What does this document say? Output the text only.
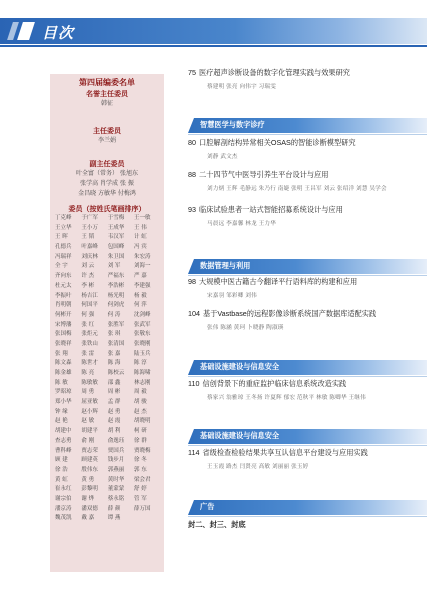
目次
第四届编委名单
名誉主任委员
韩征
主任委员
李兰娟
副主任委员
叶全富（常务） 张旭东
张学高 肖学成 张 振
金昌晓 方敏华 付梅鸿
委员（按姓氏笔画排序）
丁克峰	于广军	于雪梅	王一敏
王立华	王小万	王成华	王 伟
王 晖	王 韬	韦汉军	计 虹
孔德兵	叶嘉峰	包国峰	冯 宾
冯瑞祥	刘庆林	朱卫国	朱宏涛
全 宇	刘 云	刘 军	刘海一
齐向东	许 杰	严福东	严 嘉
杜元太	李 彬	李浩彬	李建强
李振叶	杨吉江	杨光明	杨 毅
肖明朝	何国平	何剑虎	何 萍
何彬开	何 强	何 涛	沈剑峰
宋博藩	张 红	张胜军	张武军
张国梅	张炬元	张 琪	张敬东
张晓祥	张铁山	张清国	张晓刚
张 翔	张 雷	张 嘉	陆玉兵
陈文森	陈世才	陈 海	陈 淳
陈金雄	陈 亮	陈校云	陈海啸
陈 敏	陈敏敏	邵 鑫	林志刚
罗昭琼	周 勇	周 彬	周 毅
郑小华	屈亚敏	孟 群	胡 骏
钟 缘	赵小辉	赵 勇	赵 杰
赵 艳	赵 敏	赵 霞	胡晓明
胡建中	胡建平	胡 利	柯 研
查志勇	俞 刚	俞逸珏	徐 群
曹科峰	贾志荣	贾国兵	贾晓梅
顾 建	顾建英	钱步月	徐 冬
徐 浩	殷伟东	郭燕丽	郭 东
黄 虹	黄 勇	黄时华	梁会君
崔永红	彭黎明	董蒙蒙	舒 婷
谢宗伯	谢 烨	蔡永铭	管 军
潘京涛	潘双德	薛 颜	薛万国
魏茂凯	戴 嘉	谭 燕
75 医疗超声诊断设备的数字化管理实践与效果研究
蔡建明 张亮 向伟宇 习瑞雯
智慧医学与数字诊疗
80 口腔解剖结构异常相关OSAS的智能诊断模型研究
刘静 武文杰
88 二十四节气中医导引养生平台设计与应用
刘力炳 王辉 毛静远 朱乃行 南婕 张明 王昌军 刘云 张绍洋 刘慧 吴学会
93 临床试验患者一站式智能招募系统设计与应用
马晨远 李嘉馨 林龙 王力华
数据管理与利用
98 大规模中医古籍古今翻译平行语料库的构建和应用
宋嘉羽 邹彩卿 刘伟
104 基于Vastbase的远程影像诊断系统国产数据库适配实践
张伟 陈涵 黄珂 卜晓静 陶淑瑛
基础设施建设与信息安全
110 信创背景下的重症监护临床信息系统改造实践
蔡家兴 翁雅琼 王冬扬 许夏辉 郁宏 范秋平 林敏 陈卿华 王继伟
基础设施建设与信息安全
114 省级检查检验结果共享互认信息平台建设与应用实践
王玉霞 路杰 闫贤亮 高敏 刘丽丽 张玉婷
广告
封二、封三、封底
